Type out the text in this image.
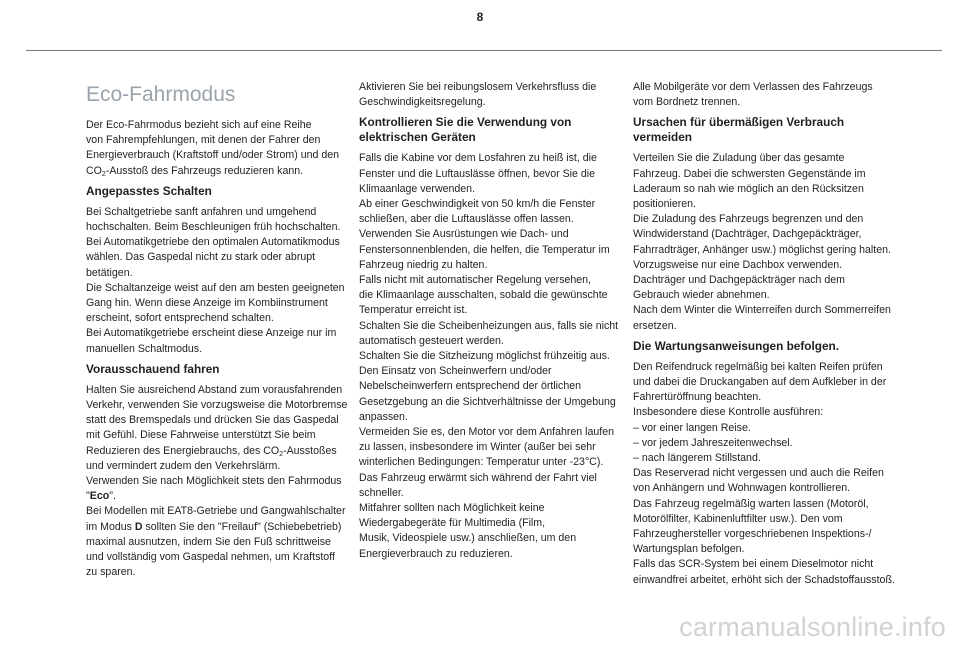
8
Eco-Fahrmodus

Der Eco-Fahrmodus bezieht sich auf eine Reihe
von Fahrempfehlungen, mit denen der Fahrer den
Energieverbrauch (Kraftstoff und/oder Strom) und den
$CO_2$-Ausstoß des Fahrzeugs reduzieren kann.

Angepasstes Schalten

Bei Schaltgetriebe sanft anfahren und umgehend
hochschalten. Beim Beschleunigen früh hochschalten.
Bei Automatikgetriebe den optimalen Automatikmodus
wählen. Das Gaspedal nicht zu stark oder abrupt
betätigen.
Die Schaltanzeige weist auf den am besten geeigneten
Gang hin. Wenn diese Anzeige im Kombiinstrument
erscheint, sofort entsprechend schalten.
Bei Automatikgetriebe erscheint diese Anzeige nur im
manuellen Schaltmodus.

Vorausschauend fahren

Halten Sie ausreichend Abstand zum vorausfahrenden
Verkehr, verwenden Sie vorzugsweise die Motorbremse
statt des Bremspedals und drücken Sie das Gaspedal
mit Gefühl. Diese Fahrweise unterstützt Sie beim
Reduzieren des Energiebrauchs, des $CO_2$-Ausstoßes
und vermindert zudem den Verkehrslärm.
Verwenden Sie nach Möglichkeit stets den Fahrmodus
"Eco".
Bei Modellen mit EAT8-Getriebe und Gangwahlschalter
im Modus D sollten Sie den "Freilauf" (Schiebebetrieb)
maximal ausnutzen, indem Sie den Fuß schrittweise
und vollständig vom Gaspedal nehmen, um Kraftstoff
zu sparen.

Aktivieren Sie bei reibungslosem Verkehrsfluss die
Geschwindigkeitsregelung.

Kontrollieren Sie die Verwendung von
elektrischen Geräten

Falls die Kabine vor dem Losfahren zu heiß ist, die
Fenster und die Luftauslässe öffnen, bevor Sie die
Klimaanlage verwenden.
Ab einer Geschwindigkeit von 50 km/h die Fenster
schließen, aber die Luftauslässe offen lassen.
Verwenden Sie Ausrüstungen wie Dach- und
Fenstersonnenblenden, die helfen, die Temperatur im
Fahrzeug niedrig zu halten.
Falls nicht mit automatischer Regelung versehen,
die Klimaanlage ausschalten, sobald die gewünschte
Temperatur erreicht ist.
Schalten Sie die Scheibenheizungen aus, falls sie nicht
automatisch gesteuert werden.
Schalten Sie die Sitzheizung möglichst frühzeitig aus.
Den Einsatz von Scheinwerfern und/oder
Nebelscheinwerfern entsprechend der örtlichen
Gesetzgebung an die Sichtverhältnisse der Umgebung
anpassen.
Vermeiden Sie es, den Motor vor dem Anfahren laufen
zu lassen, insbesondere im Winter (außer bei sehr
winterlichen Bedingungen: Temperatur unter -23°C).
Das Fahrzeug erwärmt sich während der Fahrt viel
schneller.
Mitfahrer sollten nach Möglichkeit keine
Wiedergabegeräte für Multimedia (Film,
Musik, Videospiele usw.) anschließen, um den
Energieverbrauch zu reduzieren.

Alle Mobilgeräte vor dem Verlassen des Fahrzeugs
vom Bordnetz trennen.

Ursachen für übermäßigen Verbrauch
vermeiden

Verteilen Sie die Zuladung über das gesamte
Fahrzeug. Dabei die schwersten Gegenstände im
Laderaum so nah wie möglich an den Rücksitzen
positionieren.
Die Zuladung des Fahrzeugs begrenzen und den
Windwiderstand (Dachträger, Dachgepäckträger,
Fahrradträger, Anhänger usw.) möglichst gering halten.
Vorzugsweise nur eine Dachbox verwenden.
Dachträger und Dachgepäckträger nach dem
Gebrauch wieder abnehmen.
Nach dem Winter die Winterreifen durch Sommerreifen
ersetzen.

Die Wartungsanweisungen befolgen.

Den Reifendruck regelmäßig bei kalten Reifen prüfen
und dabei die Druckangaben auf dem Aufkleber in der
Fahrertüröffnung beachten.
Insbesondere diese Kontrolle ausführen:
– vor einer langen Reise.
– vor jedem Jahreszeitenwechsel.
– nach längerem Stillstand.
Das Reserverad nicht vergessen und auch die Reifen
von Anhängern und Wohnwagen kontrollieren.
Das Fahrzeug regelmäßig warten lassen (Motoröl,
Motorölfilter, Kabinenluftfilter usw.). Den vom
Fahrzeughersteller vorgeschriebenen Inspektions-/
Wartungsplan befolgen.
Falls das SCR-System bei einem Dieselmotor nicht
einwandfrei arbeitet, erhöht sich der Schadstoffausstoß.

carmanualsonline.info
